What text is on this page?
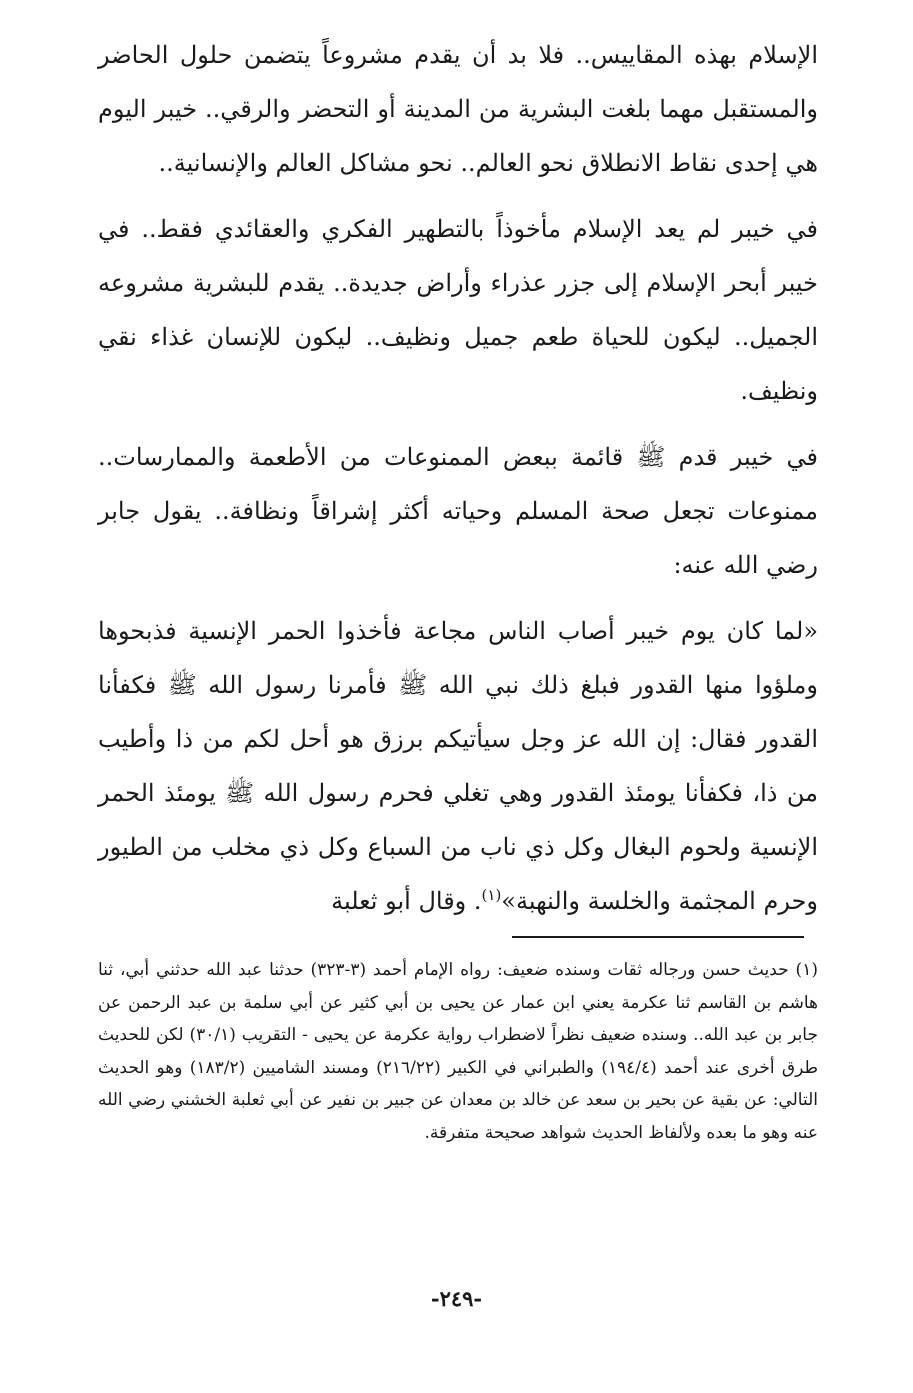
الإسلام بهذه المقاييس.. فلا بد أن يقدم مشروعاً يتضمن حلول الحاضر والمستقبل مهما بلغت البشرية من المدينة أو التحضر والرقي.. خيبر اليوم هي إحدى نقاط الانطلاق نحو العالم.. نحو مشاكل العالم والإنسانية..

في خيبر لم يعد الإسلام مأخوذاً بالتطهير الفكري والعقائدي فقط.. في خيبر أبحر الإسلام إلى جزر عذراء وأراض جديدة.. يقدم للبشرية مشروعه الجميل.. ليكون للحياة طعم جميل ونظيف.. ليكون للإنسان غذاء نقي ونظيف.

في خيبر قدم ﷺ قائمة ببعض الممنوعات من الأطعمة والممارسات.. ممنوعات تجعل صحة المسلم وحياته أكثر إشراقاً ونظافة.. يقول جابر رضي الله عنه:

«لما كان يوم خيبر أصاب الناس مجاعة فأخذوا الحمر الإنسية فذبحوها وملؤوا منها القدور فبلغ ذلك نبي الله ﷺ فأمرنا رسول الله ﷺ فكفأنا القدور فقال: إن الله عز وجل سيأتيكم برزق هو أحل لكم من ذا وأطيب من ذا، فكفأنا يومئذ القدور وهي تغلي فحرم رسول الله ﷺ يومئذ الحمر الإنسية ولحوم البغال وكل ذي ناب من السباع وكل ذي مخلب من الطيور وحرم المجثمة والخلسة والنهبة»$^{(١)}$. وقال أبو ثعلبة

(١) حديث حسن ورجاله ثقات وسنده ضعيف: رواه الإمام أحمد (٣-٣٢٣) حدثنا عبد الله حدثني أبي، ثنا هاشم بن القاسم ثنا عكرمة يعني ابن عمار عن يحيى بن أبي كثير عن أبي سلمة بن عبد الرحمن عن جابر بن عبد الله.. وسنده ضعيف نظراً لاضطراب رواية عكرمة عن يحيى - التقريب (٣٠/١) لكن للحديث طرق أخرى عند أحمد (١٩٤/٤) والطبراني في الكبير (٢١٦/٢٢) ومسند الشاميين (١٨٣/٢) وهو الحديث التالي: عن بقية عن بحير بن سعد عن خالد بن معدان عن جبير بن نفير عن أبي ثعلبة الخشني رضي الله عنه وهو ما بعده ولألفاظ الحديث شواهد صحيحة متفرقة.

-٢٤٩-
